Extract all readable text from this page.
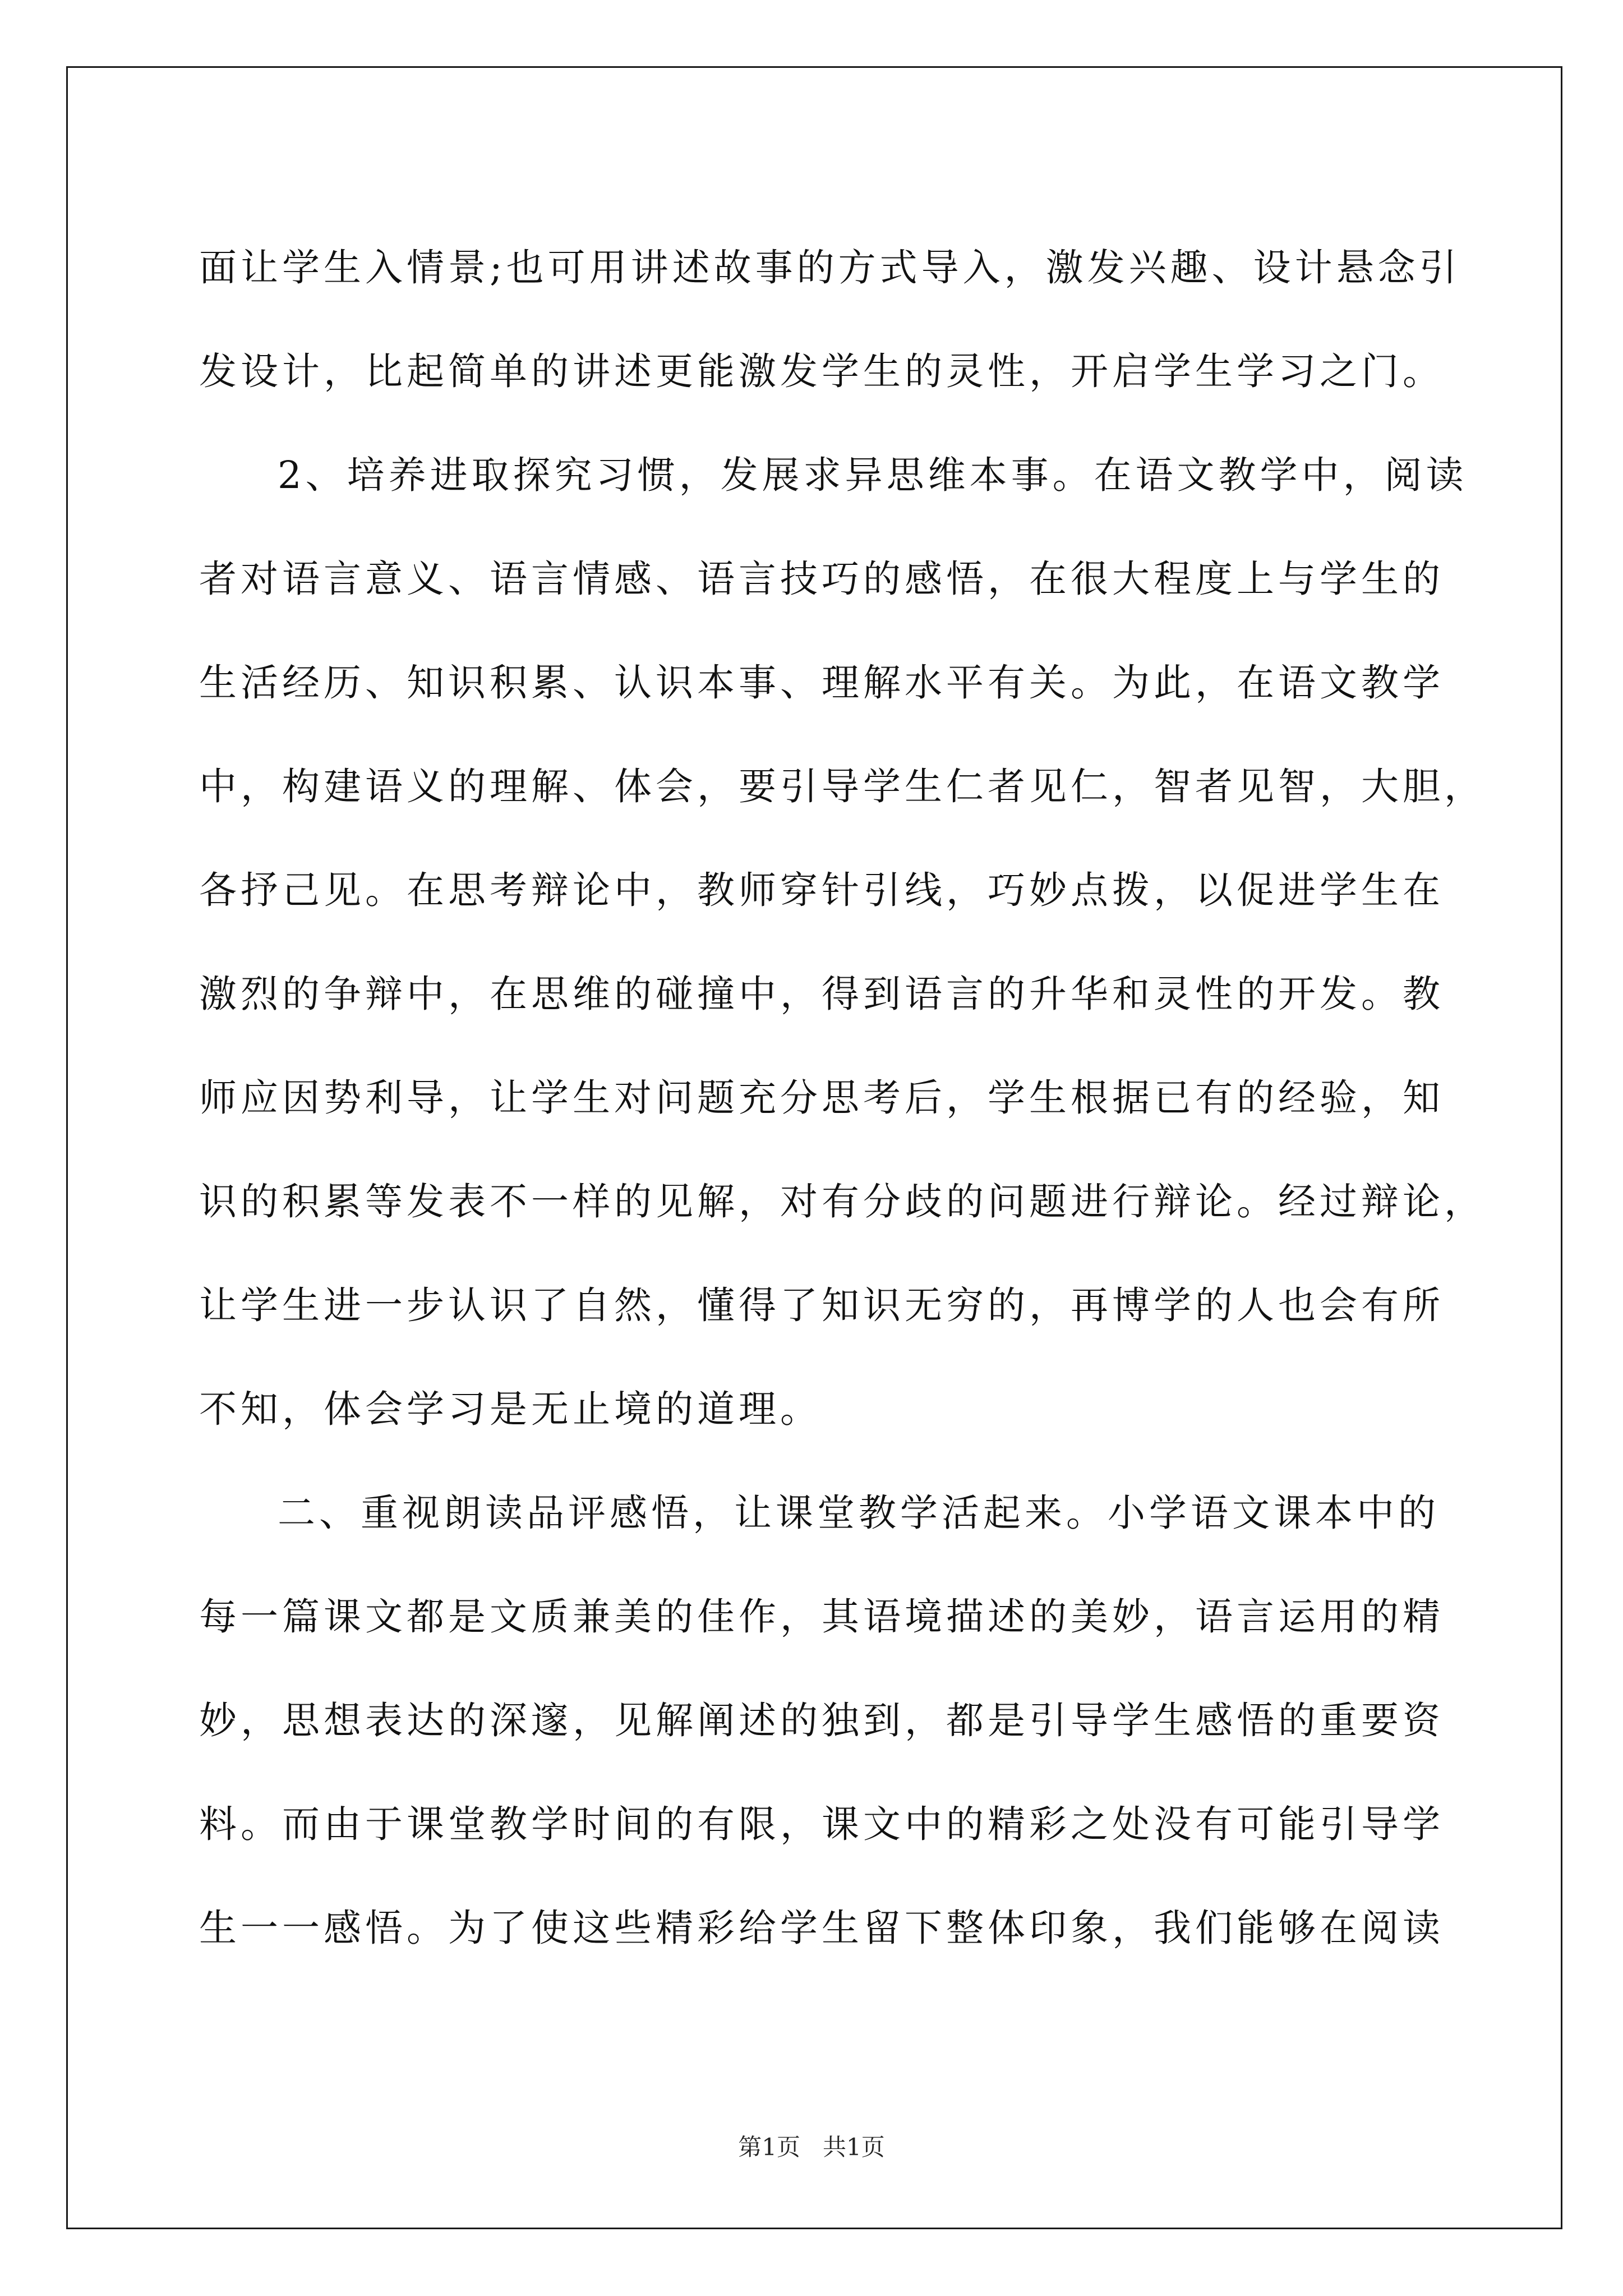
面让学生入情景;也可用讲述故事的方式导入，激发兴趣、设计悬念引
发设计，比起简单的讲述更能激发学生的灵性，开启学生学习之门。
2、培养进取探究习惯，发展求异思维本事。在语文教学中，阅读
者对语言意义、语言情感、语言技巧的感悟，在很大程度上与学生的
生活经历、知识积累、认识本事、理解水平有关。为此，在语文教学
中，构建语义的理解、体会，要引导学生仁者见仁，智者见智，大胆，
各抒己见。在思考辩论中，教师穿针引线，巧妙点拨，以促进学生在
激烈的争辩中，在思维的碰撞中，得到语言的升华和灵性的开发。教
师应因势利导，让学生对问题充分思考后，学生根据已有的经验，知
识的积累等发表不一样的见解，对有分歧的问题进行辩论。经过辩论，
让学生进一步认识了自然，懂得了知识无穷的，再博学的人也会有所
不知，体会学习是无止境的道理。
二、重视朗读品评感悟，让课堂教学活起来。小学语文课本中的
每一篇课文都是文质兼美的佳作，其语境描述的美妙，语言运用的精
妙，思想表达的深邃，见解阐述的独到，都是引导学生感悟的重要资
料。而由于课堂教学时间的有限，课文中的精彩之处没有可能引导学
生一一感悟。为了使这些精彩给学生留下整体印象，我们能够在阅读
第1页   共1页
